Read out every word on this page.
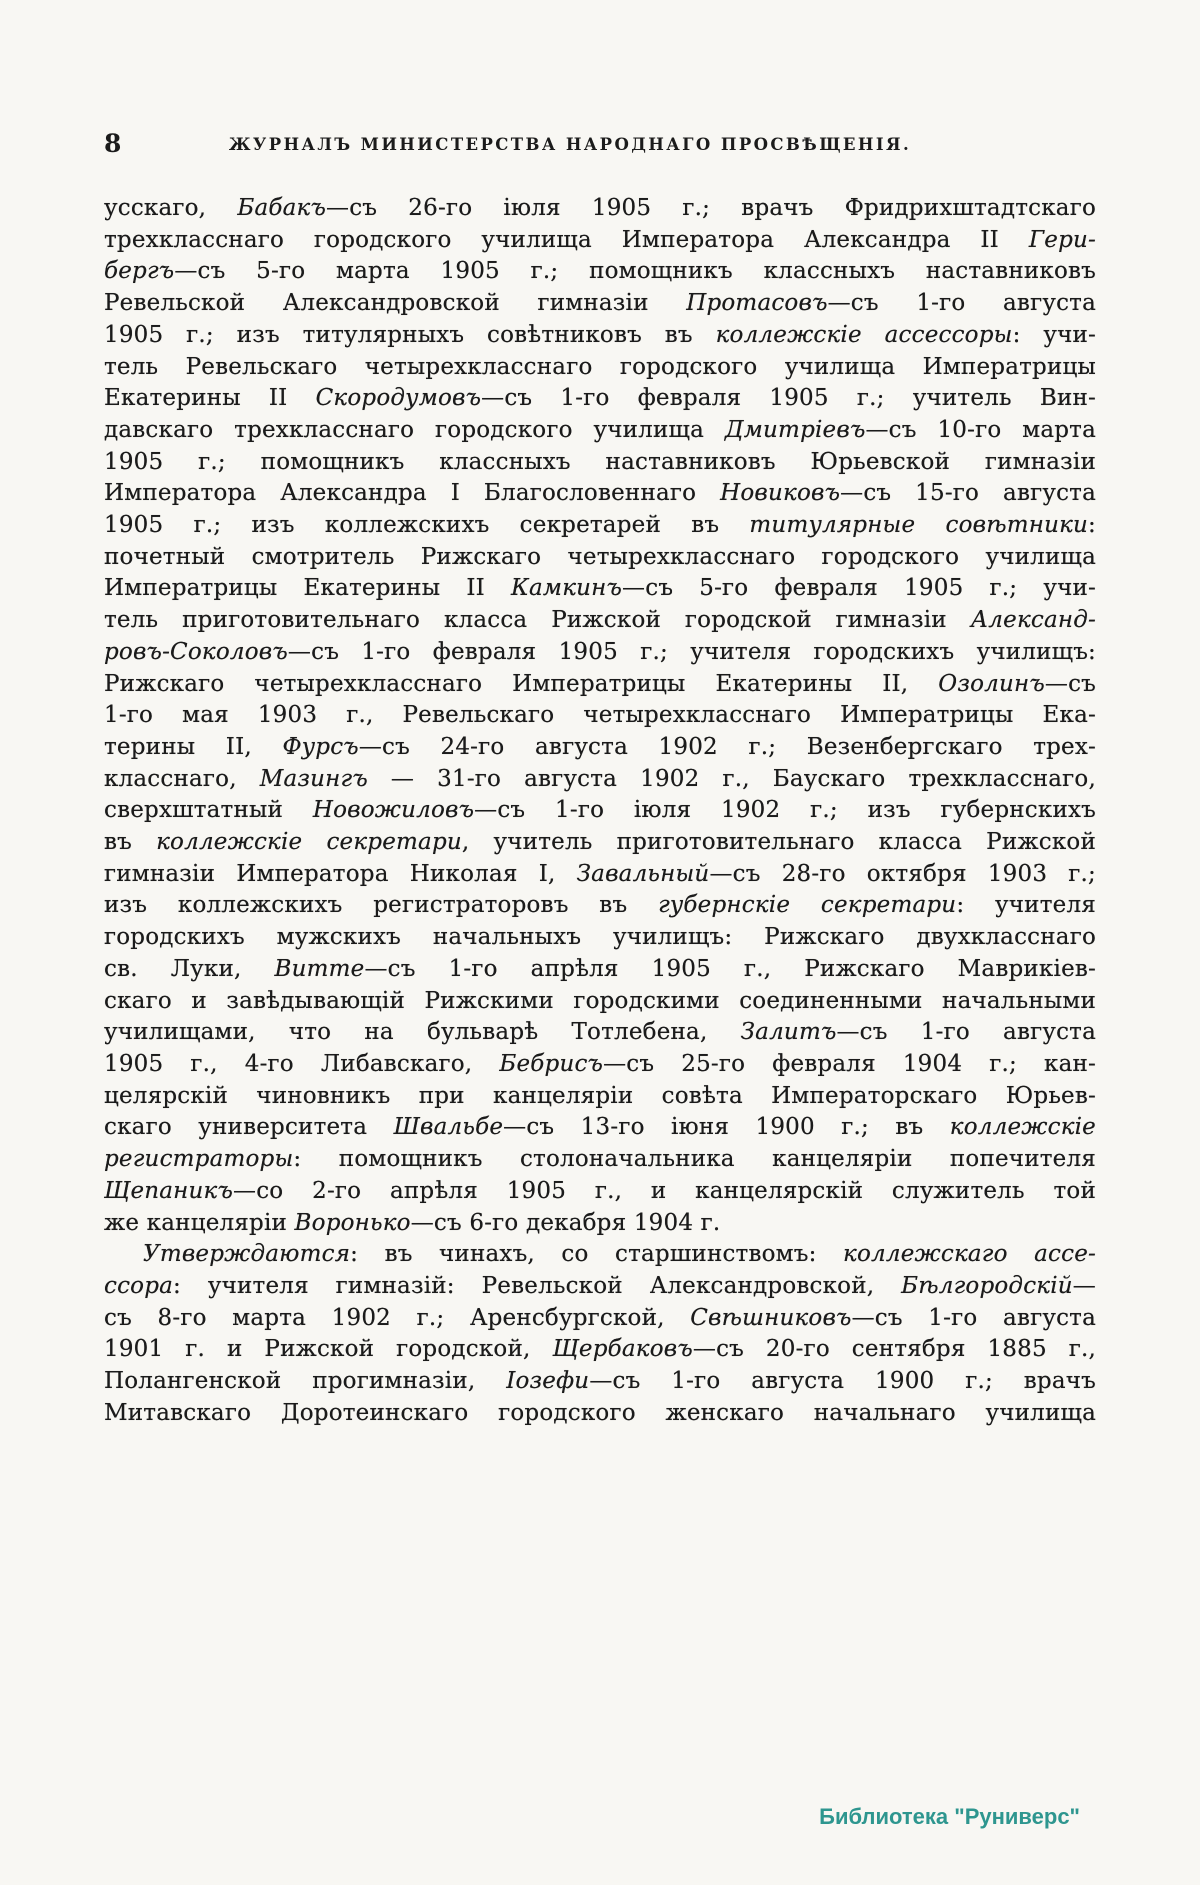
8	ЖУРНАЛЪ МИНИСТЕРСТВА НАРОДНАГО ПРОСВѢЩЕНІЯ.
усскаго, Бабакъ—съ 26-го іюля 1905 г.; врачъ Фридрихштадтскаго
трехкласснаго городского училища Императора Александра II Гери-
бергъ—съ 5-го марта 1905 г.; помощникъ классныхъ наставниковъ
Ревельской Александровской гимназіи Протасовъ—съ 1-го августа
1905 г.; изъ титулярныхъ совѣтниковъ въ коллежскіе ассессоры: учи-
тель Ревельскаго четырехкласснаго городского училища Императрицы
Екатерины II Скородумовъ—съ 1-го февраля 1905 г.; учитель Вин-
давскаго трехкласснаго городского училища Дмитріевъ—съ 10-го марта
1905 г.; помощникъ классныхъ наставниковъ Юрьевской гимназіи
Императора Александра I Благословеннаго Новиковъ—съ 15-го августа
1905 г.; изъ коллежскихъ секретарей въ титулярные совѣтники:
почетный смотритель Рижскаго четырехкласснаго городского училища
Императрицы Екатерины II Камкинъ—съ 5-го февраля 1905 г.; учи-
тель приготовительнаго класса Рижской городской гимназіи Александ-
ровъ-Соколовъ—съ 1-го февраля 1905 г.; учителя городскихъ училищъ:
Рижскаго четырехкласснаго Императрицы Екатерины II, Озолинъ—съ
1-го мая 1903 г., Ревельскаго четырехкласснаго Императрицы Ека-
терины II, Фурсъ—съ 24-го августа 1902 г.; Везенбергскаго трех-
класснаго, Мазингъ — 31-го августа 1902 г., Баускаго трехкласснаго,
сверхштатный Новожиловъ—съ 1-го іюля 1902 г.; изъ губернскихъ
въ коллежскіе секретари, учитель приготовительнаго класса Рижской
гимназіи Императора Николая I, Завальный—съ 28-го октября 1903 г.;
изъ коллежскихъ регистраторовъ въ губернскіе секретари: учителя
городскихъ мужскихъ начальныхъ училищъ: Рижскаго двухкласснаго
св. Луки, Витте—съ 1-го апрѣля 1905 г., Рижскаго Маврикіев-
скаго и завѣдывающій Рижскими городскими соединенными начальными
училищами, что на бульварѣ Тотлебена, Залитъ—съ 1-го августа
1905 г., 4-го Либавскаго, Бебрисъ—съ 25-го февраля 1904 г.; кан-
целярскій чиновникъ при канцеляріи совѣта Императорскаго Юрьев-
скаго университета Швальбе—съ 13-го іюня 1900 г.; въ коллежскіе
регистраторы: помощникъ столоначальника канцеляріи попечителя
Щепаникъ—со 2-го апрѣля 1905 г., и канцелярскій служитель той
же канцеляріи Воронько—съ 6-го декабря 1904 г.
Утверждаются: въ чинахъ, со старшинствомъ: коллежскаго ассе-
ссора: учителя гимназій: Ревельской Александровской, Бѣлгородскій—
съ 8-го марта 1902 г.; Аренсбургской, Свѣшниковъ—съ 1-го августа
1901 г. и Рижской городской, Щербаковъ—съ 20-го сентября 1885 г.,
Полангенской прогимназіи, Іозефи—съ 1-го августа 1900 г.; врачъ
Митавскаго Доротеинскаго городского женскаго начальнаго училища
Библиотека "Руниверс"
